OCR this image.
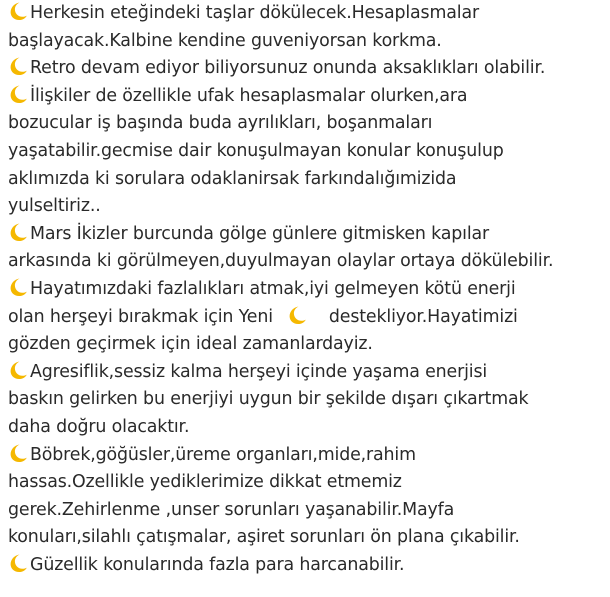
Herkesin eteğindeki taşlar dökülecek.Hesaplasmalar
başlayacak.Kalbine kendine guveniyorsan korkma.

Retro devam ediyor biliyorsunuz onunda aksaklıkları olabilir.

İlişkiler de özellikle ufak hesaplasmalar olurken,ara
bozucular iş başında buda ayrılıkları, boşanmaları
yaşatabilir.gecmise dair konuşulmayan konular konuşulup
aklımızda ki sorulara odaklanirsak farkındalığımizida
yulseltiriz..

Mars İkizler burcunda gölge günlere gitmisken kapılar
arkasında ki görülmeyen,duyulmayan olaylar ortaya dökülebilir.

Hayatımızdaki fazlalıkları atmak,iyi gelmeyen kötü enerji
olan herşeyi bırakmak için Yeni	destekliyor.Hayatimizi
gözden geçirmek için ideal zamanlardayiz.

Agresiflik,sessiz kalma herşeyi içinde yaşama enerjisi
baskın gelirken bu enerjiyi uygun bir şekilde dışarı çıkartmak
daha doğru olacaktır.

Böbrek,göğüsler,üreme organları,mide,rahim
hassas.Ozellikle yediklerimize dikkat etmemiz
gerek.Zehirlenme ,unser sorunları yaşanabilir.Mayfa
konuları,silahlı çatışmalar, aşiret sorunları ön plana çıkabilir.

Güzellik konularında fazla para harcanabilir.
